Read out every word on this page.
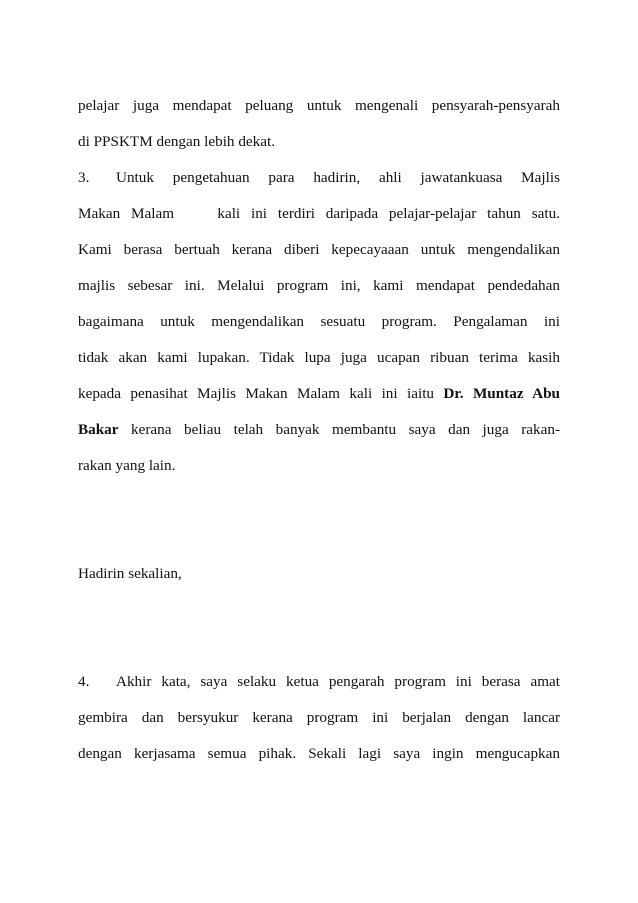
pelajar juga mendapat peluang untuk mengenali pensyarah-pensyarah
di PPSKTM dengan lebih dekat.
3. Untuk pengetahuan para hadirin, ahli jawatankuasa Majlis
Makan Malam    kali ini terdiri daripada pelajar-pelajar tahun satu.
Kami berasa bertuah kerana diberi kepecayaaan untuk mengendalikan
majlis sebesar ini. Melalui program ini, kami mendapat pendedahan
bagaimana untuk mengendalikan sesuatu program. Pengalaman ini
tidak akan kami lupakan. Tidak lupa juga ucapan ribuan terima kasih
kepada penasihat Majlis Makan Malam kali ini iaitu Dr. Muntaz Abu
Bakar kerana beliau telah banyak membantu saya dan juga rakan-
rakan yang lain.
Hadirin sekalian,
4. Akhir kata, saya selaku ketua pengarah program ini berasa amat
gembira dan bersyukur kerana program ini berjalan dengan lancar
dengan kerjasama semua pihak. Sekali lagi saya ingin mengucapkan
